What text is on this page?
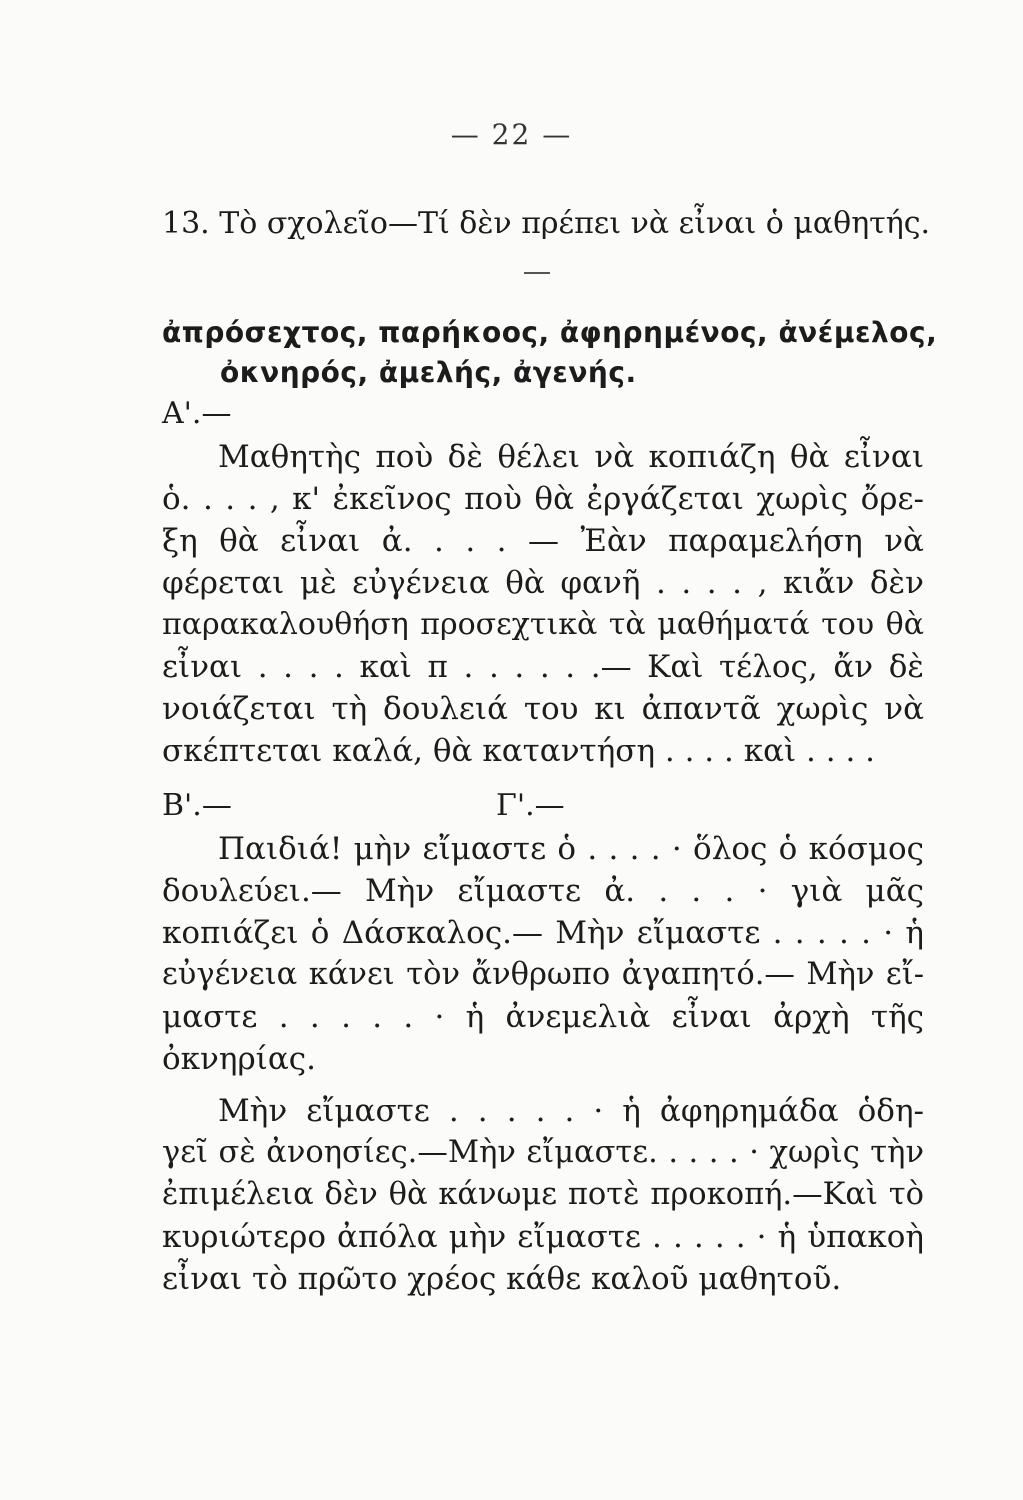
— 22 —
13. Τὸ σχολεῖο—Τί δὲν πρέπει νὰ εἶναι ὁ μαθητής.
ἀπρόσεχτος, παρήκοος, ἀφηρημένος, ἀνέμελος,
ὀκνηρός, ἀμελής, ἀγενής.
Α'.—
Μαθητὴς ποὺ δὲ θέλει νὰ κοπιάζη θὰ εἶναι
ὁ. . . . , κ' ἐκεῖνος ποὺ θὰ ἐργάζεται χωρὶς ὄρε-
ξη θὰ εἶναι ἀ. . . . — Ἐὰν παραμελήση νὰ
φέρεται μὲ εὐγένεια θὰ φανῆ . . . . , κιἄν δὲν
παρακαλουθήση προσεχτικὰ τὰ μαθήματά του θὰ
εἶναι . . . . καὶ π . . . . . .— Καὶ τέλος, ἄν δὲ
νοιάζεται τὴ δουλειά του κι ἀπαντᾶ χωρὶς νὰ
σκέπτεται καλά, θὰ καταντήση . . . . καὶ . . . .
Β'.—	Γ'.—
Παιδιά! μὴν εἴμαστε ὁ . . . . · ὅλος ὁ κόσμος
δουλεύει.— Μὴν εἴμαστε ἀ. . . . · γιὰ μᾶς
κοπιάζει ὁ Δάσκαλος.— Μὴν εἴμαστε . . . . . · ἡ
εὐγένεια κάνει τὸν ἄνθρωπο ἀγαπητό.— Μὴν εἴ-
μαστε . . . . . · ἡ ἀνεμελιὰ εἶναι ἀρχὴ τῆς
ὀκνηρίας.
Μὴν εἴμαστε . . . . . · ἡ ἀφηρημάδα ὁδη-
γεῖ σὲ ἀνοησίες.—Μὴν εἴμαστε. . . . . · χωρὶς τὴν
ἐπιμέλεια δὲν θὰ κάνωμε ποτὲ προκοπή.—Καὶ τὸ
κυριώτερο ἀπόλα μὴν εἴμαστε . . . . . · ἡ ὑπακοὴ
εἶναι τὸ πρῶτο χρέος κάθε καλοῦ μαθητοῦ.
